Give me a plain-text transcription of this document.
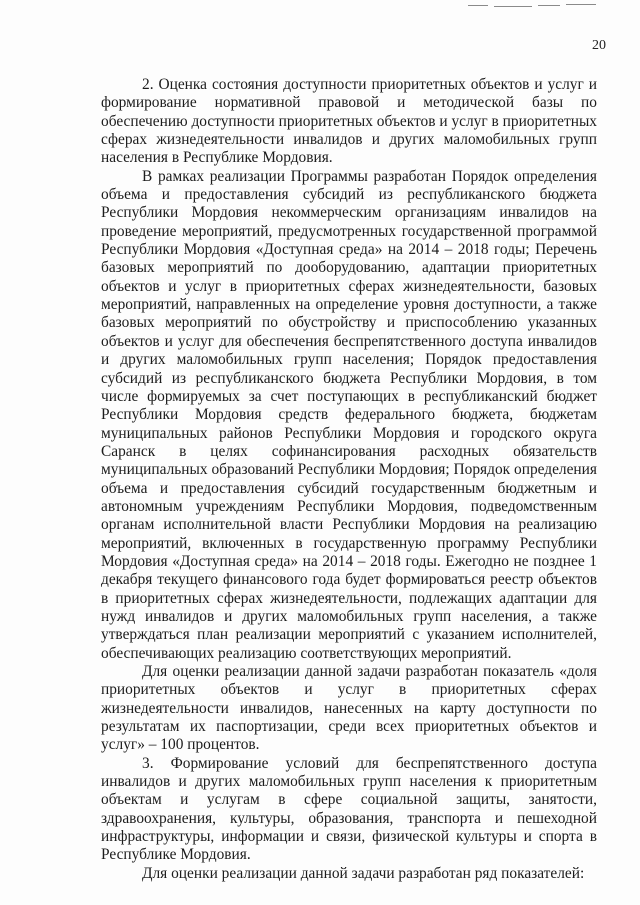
20
2. Оценка состояния доступности приоритетных объектов и услуг и
формирование нормативной правовой и методической базы по
обеспечению доступности приоритетных объектов и услуг в приоритетных
сферах жизнедеятельности инвалидов и других маломобильных групп
населения в Республике Мордовия.
В рамках реализации Программы разработан Порядок определения
объема и предоставления субсидий из республиканского бюджета
Республики Мордовия некоммерческим организациям инвалидов на
проведение мероприятий, предусмотренных государственной программой
Республики Мордовия «Доступная среда» на 2014 – 2018 годы; Перечень
базовых мероприятий по дооборудованию, адаптации приоритетных
объектов и услуг в приоритетных сферах жизнедеятельности, базовых
мероприятий, направленных на определение уровня доступности, а также
базовых мероприятий по обустройству и приспособлению указанных
объектов и услуг для обеспечения беспрепятственного доступа инвалидов
и других маломобильных групп населения; Порядок предоставления
субсидий из республиканского бюджета Республики Мордовия, в том
числе формируемых за счет поступающих в республиканский бюджет
Республики Мордовия средств федерального бюджета, бюджетам
муниципальных районов Республики Мордовия и городского округа
Саранск в целях софинансирования расходных обязательств
муниципальных образований Республики Мордовия; Порядок определения
объема и предоставления субсидий государственным бюджетным и
автономным учреждениям Республики Мордовия, подведомственным
органам исполнительной власти Республики Мордовия на реализацию
мероприятий, включенных в государственную программу Республики
Мордовия «Доступная среда» на 2014 – 2018 годы. Ежегодно не позднее 1
декабря текущего финансового года будет формироваться реестр объектов
в приоритетных сферах жизнедеятельности, подлежащих адаптации для
нужд инвалидов и других маломобильных групп населения, а также
утверждаться план реализации мероприятий с указанием исполнителей,
обеспечивающих реализацию соответствующих мероприятий.
Для оценки реализации данной задачи разработан показатель «доля
приоритетных объектов и услуг в приоритетных сферах
жизнедеятельности инвалидов, нанесенных на карту доступности по
результатам их паспортизации, среди всех приоритетных объектов и
услуг» – 100 процентов.
3. Формирование условий для беспрепятственного доступа
инвалидов и других маломобильных групп населения к приоритетным
объектам и услугам в сфере социальной защиты, занятости,
здравоохранения, культуры, образования, транспорта и пешеходной
инфраструктуры, информации и связи, физической культуры и спорта в
Республике Мордовия.
Для оценки реализации данной задачи разработан ряд показателей:
